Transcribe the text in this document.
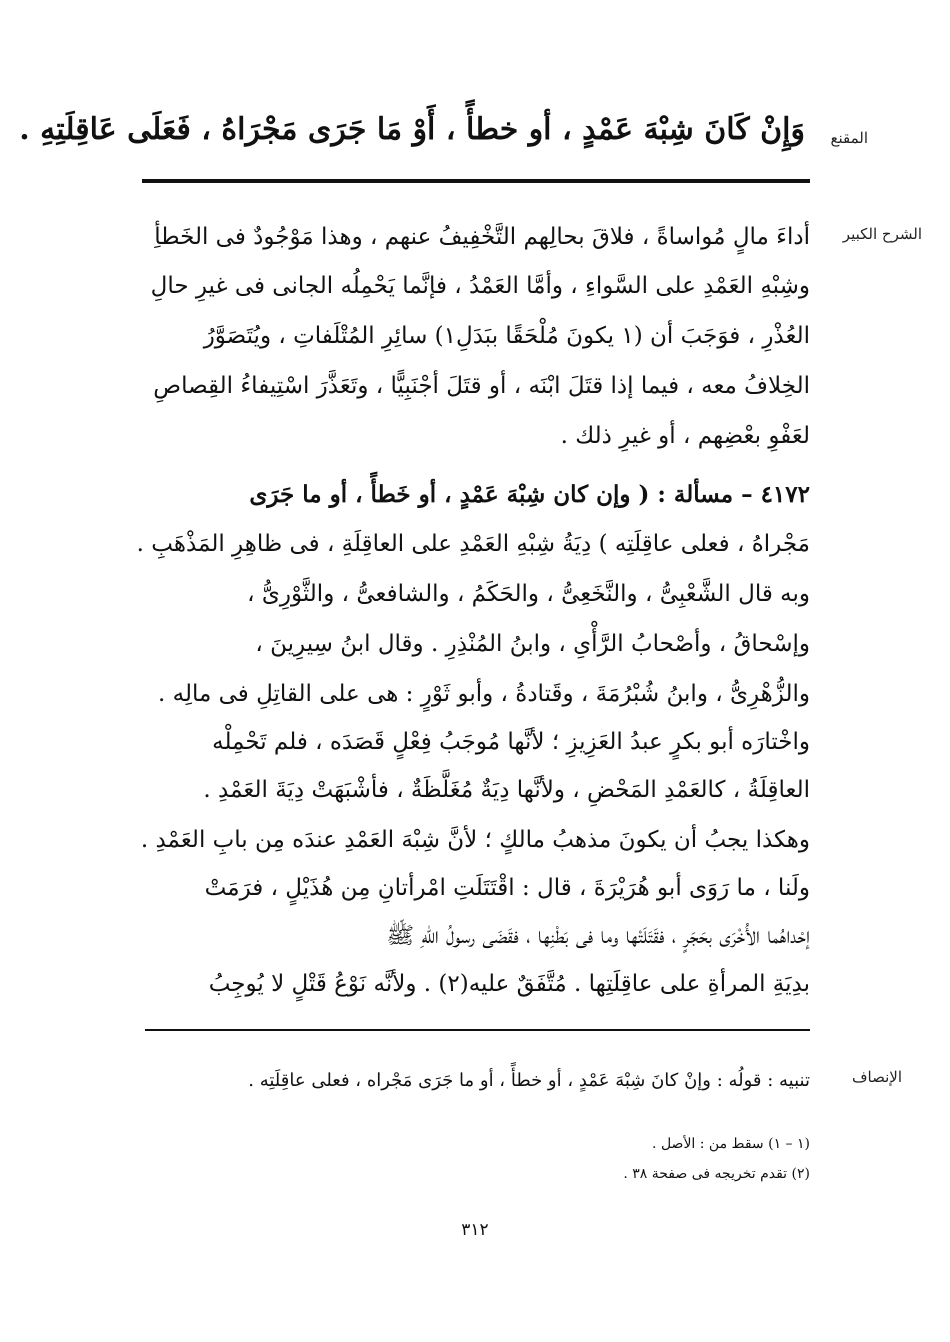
المقنع
الشرح الكبير
الإنصاف
وَإِنْ كَانَ شِبْهَ عَمْدٍ ، أو خطأً ، أَوْ مَا جَرَى مَجْرَاهُ ، فَعَلَى عَاقِلَتِهِ .
أداءَ مالٍ مُواساةً ، فلاقَ بحالِهم التَّخْفِيفُ عنهم ، وهذا مَوْجُودٌ فى الخَطأِ
وشِبْهِ العَمْدِ على السَّواءِ ، وأمَّا العَمْدُ ، فإنَّما يَحْمِلُه الجانى فى غيرِ حالِ
العُذْرِ ، فوَجَبَ أن (١ يكونَ مُلْحَقًا ببَدَلِ١) سائِرِ المُتْلَفاتِ ، ويُتَصَوَّرُ
الخِلافُ معه ، فيما إذا قتَلَ ابْنَه ، أو قتَلَ أجْنَبِيًّا ، وتَعَذَّرَ اسْتِيفاءُ القِصاصِ
لعَفْوِ بعْضِهم ، أو غيرِ ذلك .
٤١٧٢ – مسألة : ( وإن كان شِبْهَ عَمْدٍ ، أو خَطأً ، أو ما جَرَى
مَجْراهُ ، فعلى عاقِلَتِه ) دِيَةُ شِبْهِ العَمْدِ على العاقِلَةِ ، فى ظاهِرِ المَذْهَبِ .
وبه قال الشَّعْبِىُّ ، والنَّخَعِىُّ ، والحَكَمُ ، والشافعىُّ ، والثَّوْرِىُّ ،
وإسْحاقُ ، وأصْحابُ الرَّأْىِ ، وابنُ المُنْذِرِ . وقال ابنُ سِيرِينَ ،
والزُّهْرِىُّ ، وابنُ شُبْرُمَةَ ، وقَتادةُ ، وأبو ثَوْرٍ : هى على القاتِلِ فى مالِه .
واخْتارَه أبو بكرٍ عبدُ العَزِيزِ ؛ لأنَّها مُوجَبُ فِعْلٍ قَصَدَه ، فلم تَحْمِلْه
العاقِلَةُ ، كالعَمْدِ المَحْضِ ، ولأنَّها دِيَةٌ مُغَلَّظَةٌ ، فأشْبَهَتْ دِيَةَ العَمْدِ .
وهكذا يجبُ أن يكونَ مذهبُ مالكٍ ؛ لأنَّ شِبْهَ العَمْدِ عندَه مِن بابِ العَمْدِ .
ولَنا ، ما رَوَى أبو هُرَيْرَةَ ، قال : اقْتَتَلَتِ امْرأتانِ مِن هُذَيْلٍ ، فرَمَتْ
إحْداهُما الأُخْرَى بحَجَرٍ ، فقَتَلَتْها وما فى بَطْنِها ، فقَضَى رسولُ اللهِ ﷺ
بدِيَةِ المرأةِ على عاقِلَتِها . مُتَّفَقٌ عليه(٢) . ولأنَّه نَوْعُ قَتْلٍ لا يُوجِبُ
تنبيه : قولُه : وإنْ كانَ شِبْهَ عَمْدٍ ، أو خطأً ، أو ما جَرَى مَجْراه ، فعلى عاقِلَتِه .
(١ – ١) سقط من : الأصل .
(٢) تقدم تخريجه فى صفحة ٣٨ .
٣١٢
